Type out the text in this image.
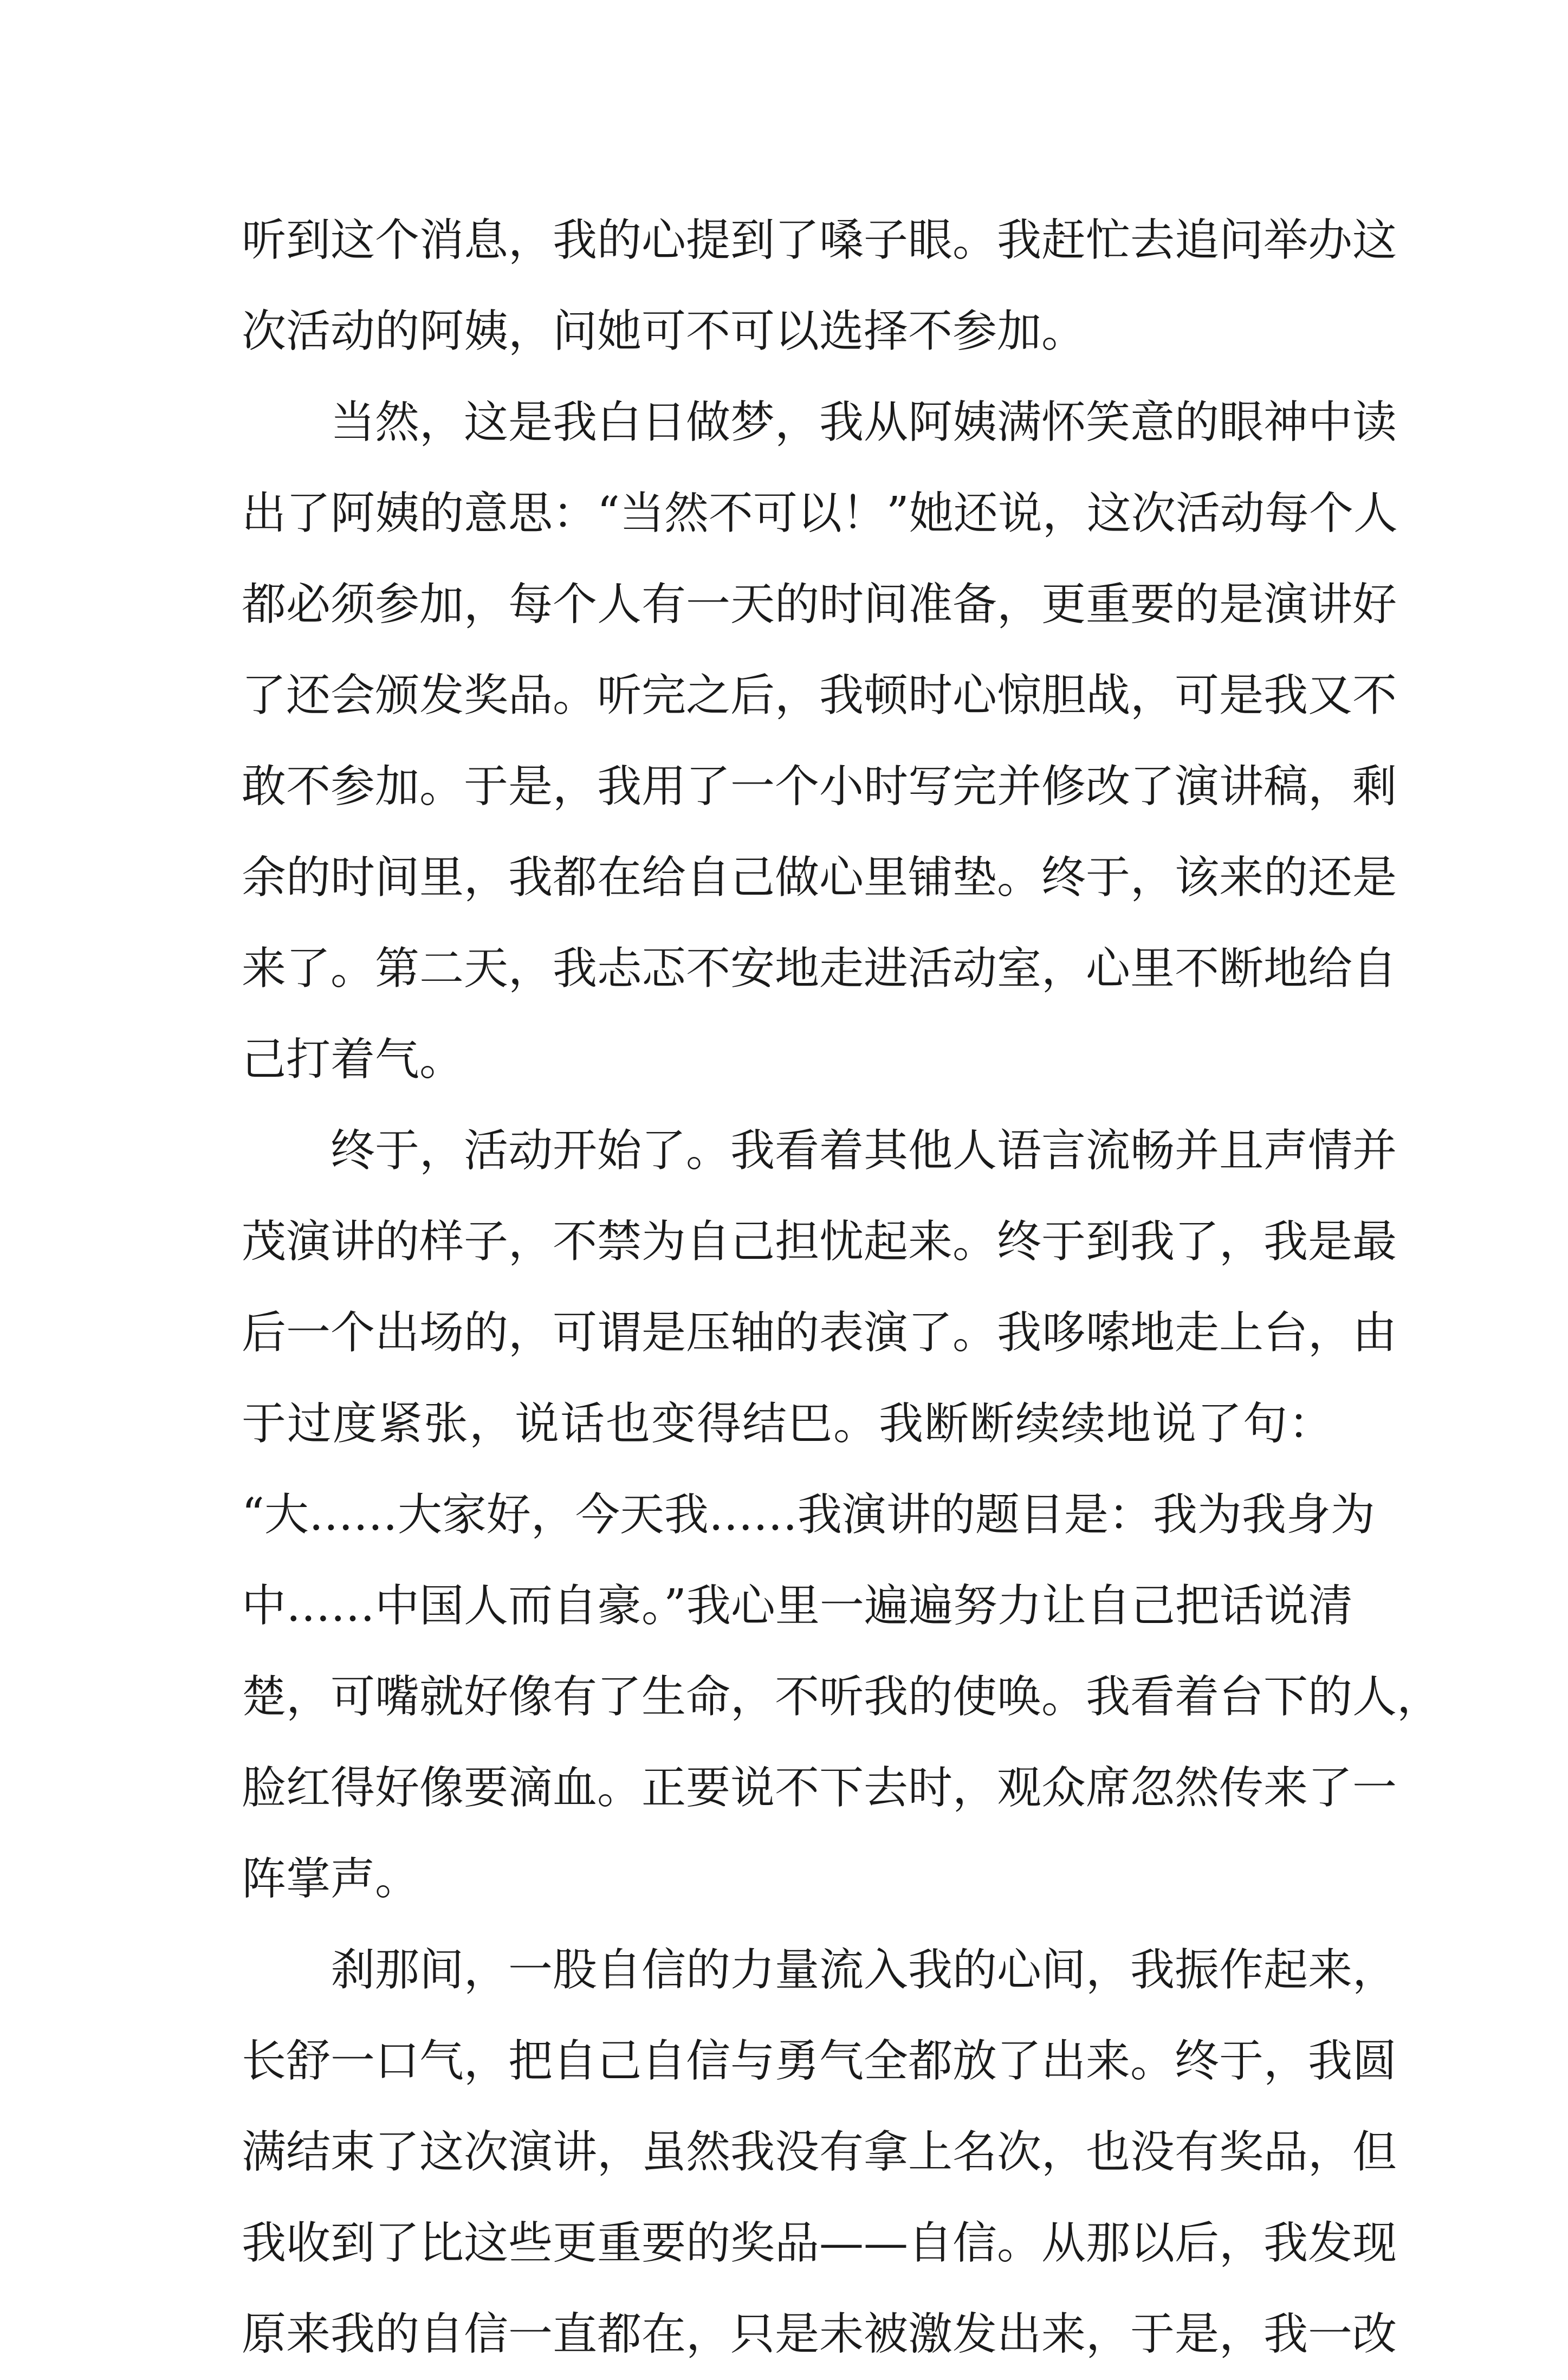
听到这个消息，我的心提到了嗓子眼。我赶忙去追问举办这
次活动的阿姨，问她可不可以选择不参加。
当然，这是我白日做梦，我从阿姨满怀笑意的眼神中读
出了阿姨的意思：“当然不可以！”她还说，这次活动每个人
都必须参加，每个人有一天的时间准备，更重要的是演讲好
了还会颁发奖品。听完之后，我顿时心惊胆战，可是我又不
敢不参加。于是，我用了一个小时写完并修改了演讲稿，剩
余的时间里，我都在给自己做心里铺垫。终于，该来的还是
来了。第二天，我忐忑不安地走进活动室，心里不断地给自
己打着气。
终于，活动开始了。我看着其他人语言流畅并且声情并
茂演讲的样子，不禁为自己担忧起来。终于到我了，我是最
后一个出场的，可谓是压轴的表演了。我哆嗦地走上台，由
于过度紧张，说话也变得结巴。我断断续续地说了句：
“大……大家好，今天我……我演讲的题目是：我为我身为
中……中国人而自豪。”我心里一遍遍努力让自己把话说清
楚，可嘴就好像有了生命，不听我的使唤。我看着台下的人，
脸红得好像要滴血。正要说不下去时，观众席忽然传来了一
阵掌声。
刹那间，一股自信的力量流入我的心间，我振作起来，
长舒一口气，把自己自信与勇气全都放了出来。终于，我圆
满结束了这次演讲，虽然我没有拿上名次，也没有奖品，但
我收到了比这些更重要的奖品——自信。从那以后，我发现
原来我的自信一直都在，只是未被激发出来，于是，我一改
